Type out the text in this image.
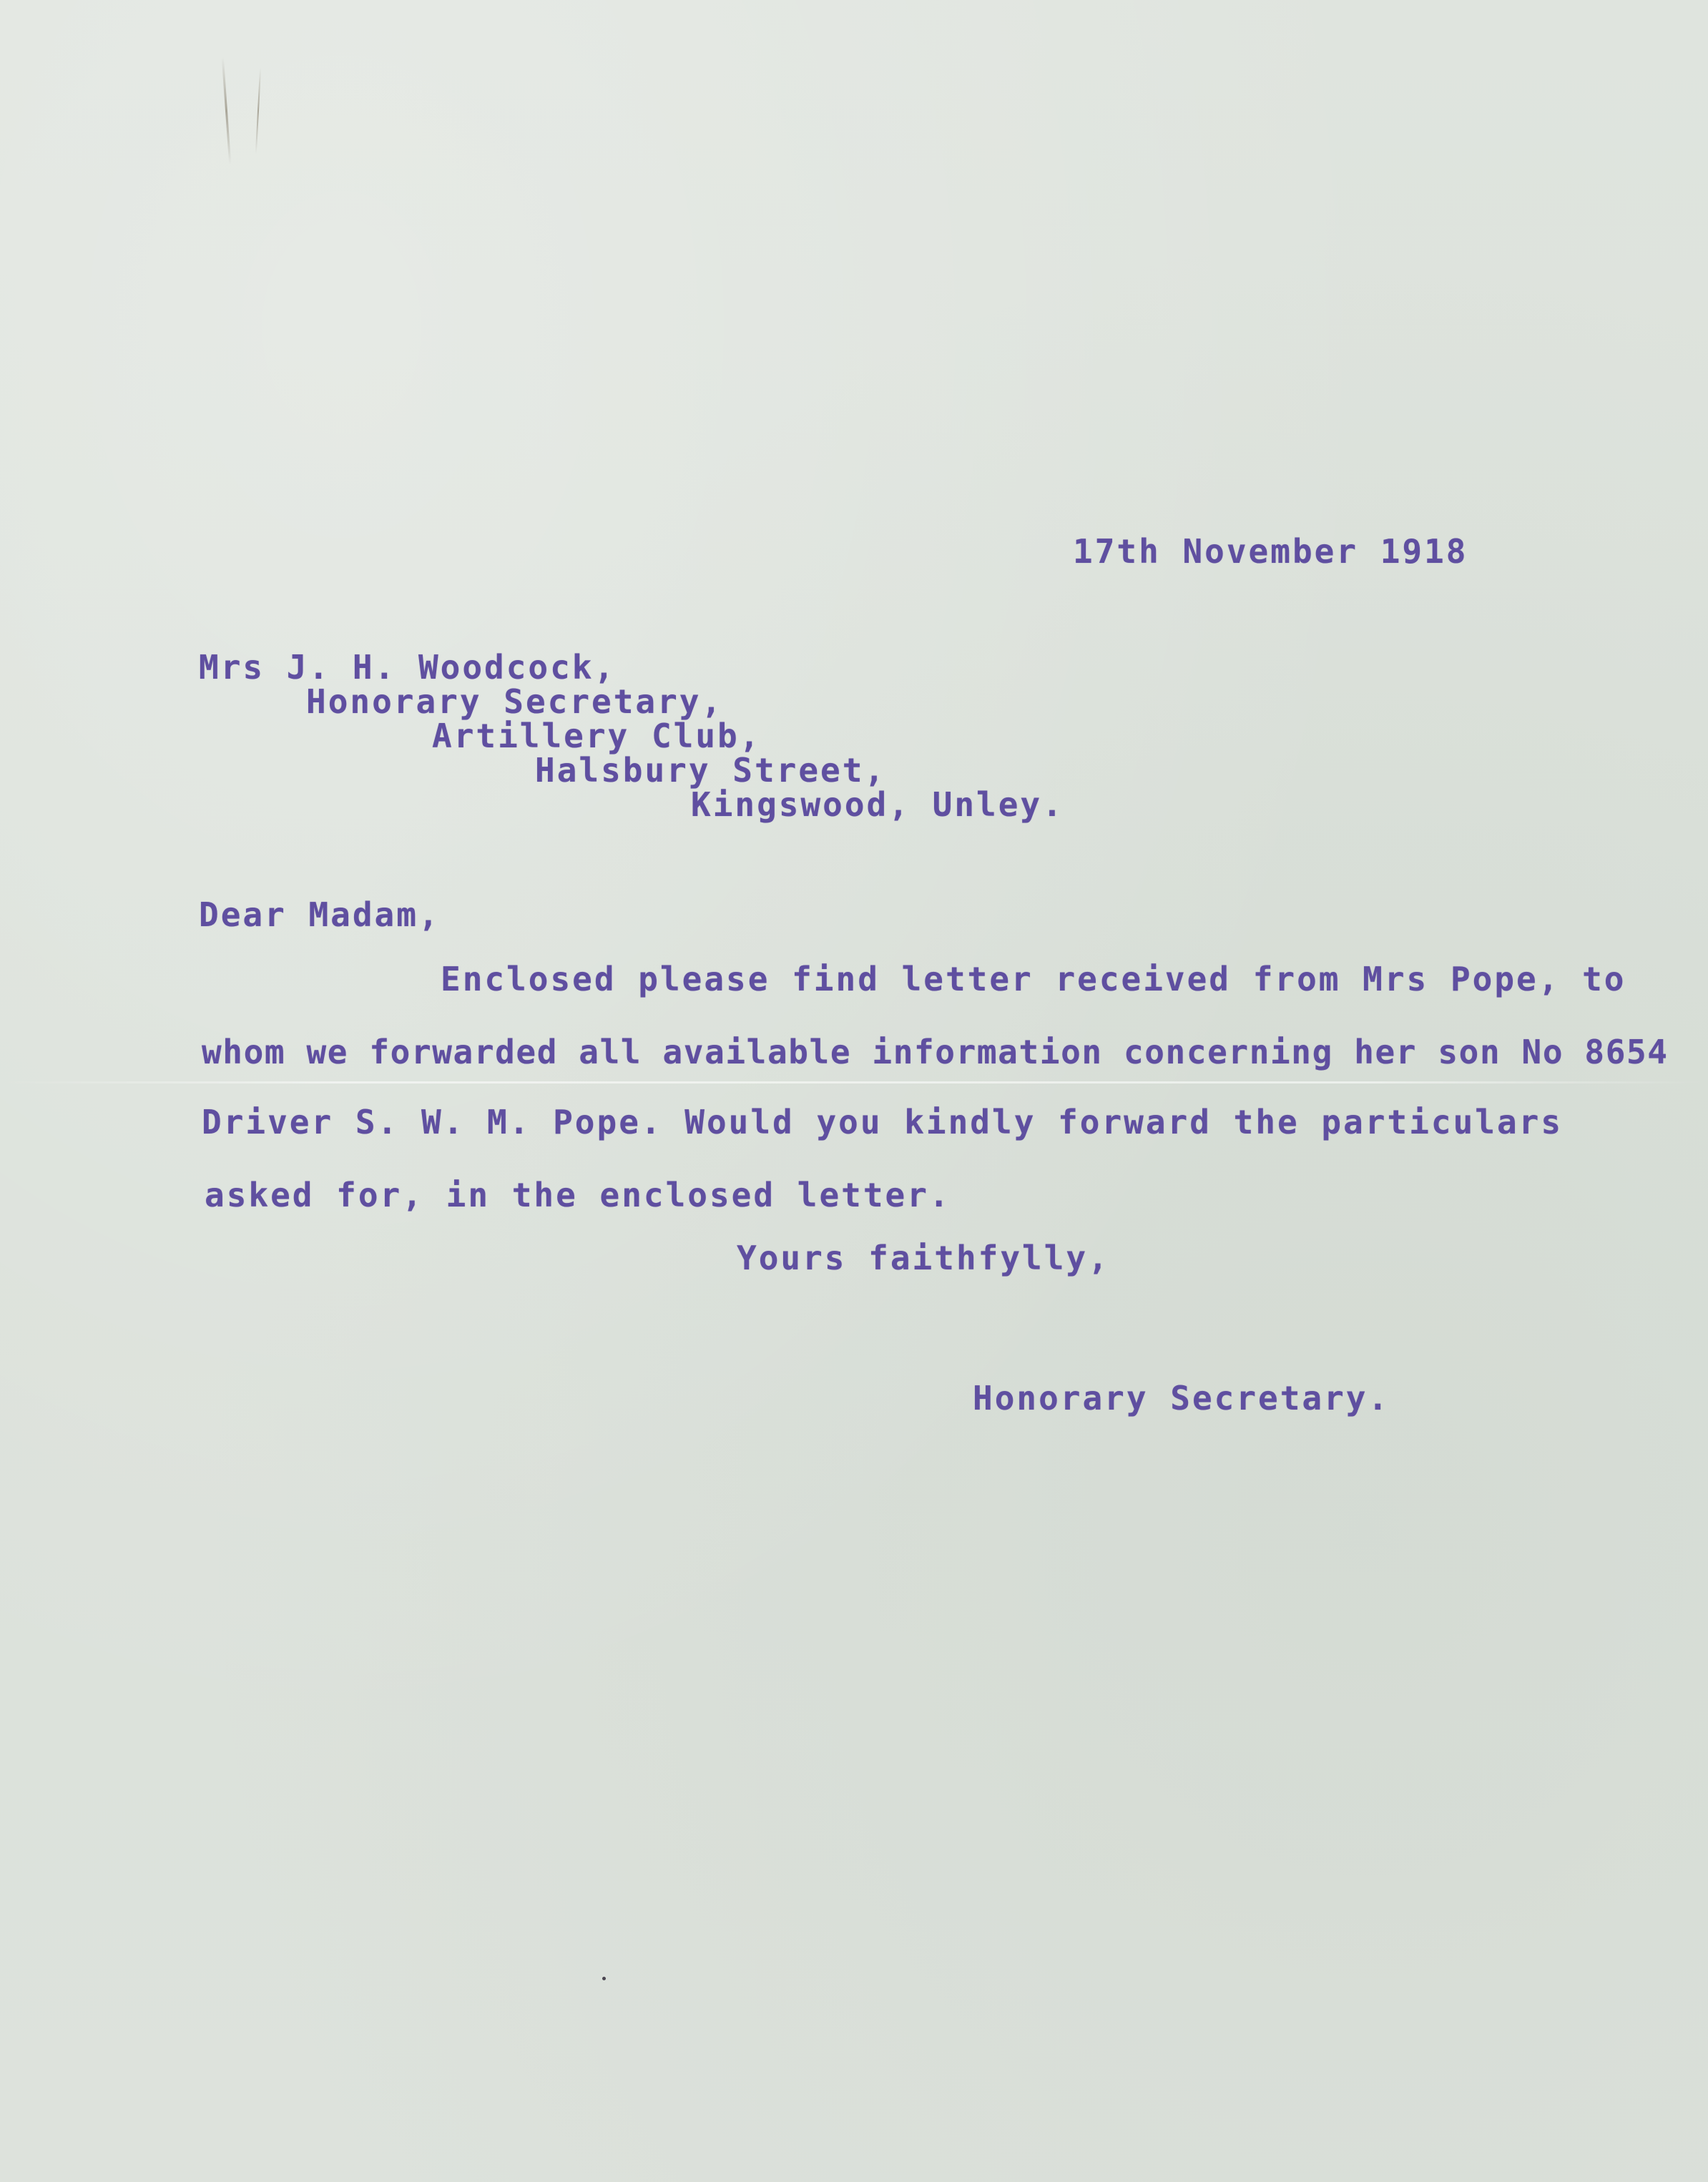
17th November 1918
Mrs J. H. Woodcock,
Honorary Secretary,
Artillery Club,
Halsbury Street,
Kingswood, Unley.
Dear Madam,
Enclosed please find letter received from Mrs Pope, to
whom we forwarded all available information concerning her son No 8654
Driver S. W. M. Pope. Would you kindly forward the particulars
asked for, in the enclosed letter.
Yours faithfylly,
Honorary Secretary.
